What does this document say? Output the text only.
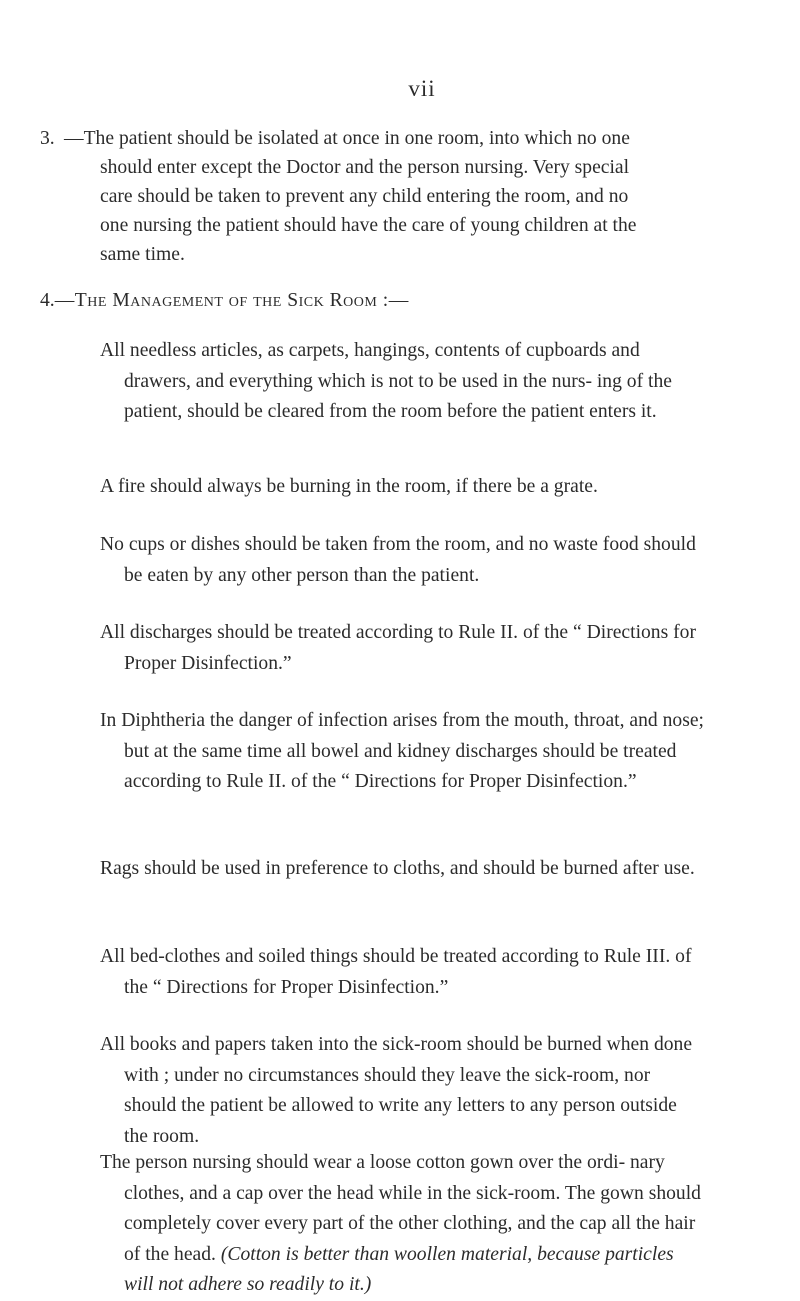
vii
—The patient should be isolated at once in one room, into which no one should enter except the Doctor and the person nursing. Very special care should be taken to prevent any child entering the room, and no one nursing the patient should have the care of young children at the same time.
4.—The Management of the Sick Room :—
All needless articles, as carpets, hangings, contents of cupboards and drawers, and everything which is not to be used in the nurs- ing of the patient, should be cleared from the room before the patient enters it.
A fire should always be burning in the room, if there be a grate.
No cups or dishes should be taken from the room, and no waste food should be eaten by any other person than the patient.
All discharges should be treated according to Rule II. of the “ Directions for Proper Disinfection.”
In Diphtheria the danger of infection arises from the mouth, throat, and nose; but at the same time all bowel and kidney discharges should be treated according to Rule II. of the “ Directions for Proper Disinfection.”
Rags should be used in preference to cloths, and should be burned after use.
All bed-clothes and soiled things should be treated according to Rule III. of the “ Directions for Proper Disinfection.”
All books and papers taken into the sick-room should be burned when done with ; under no circumstances should they leave the sick-room, nor should the patient be allowed to write any letters to any person outside the room.
The person nursing should wear a loose cotton gown over the ordi- nary clothes, and a cap over the head while in the sick-room. The gown should completely cover every part of the other clothing, and the cap all the hair of the head. (Cotton is better than woollen material, because particles will not adhere so readily to it.)
3.
